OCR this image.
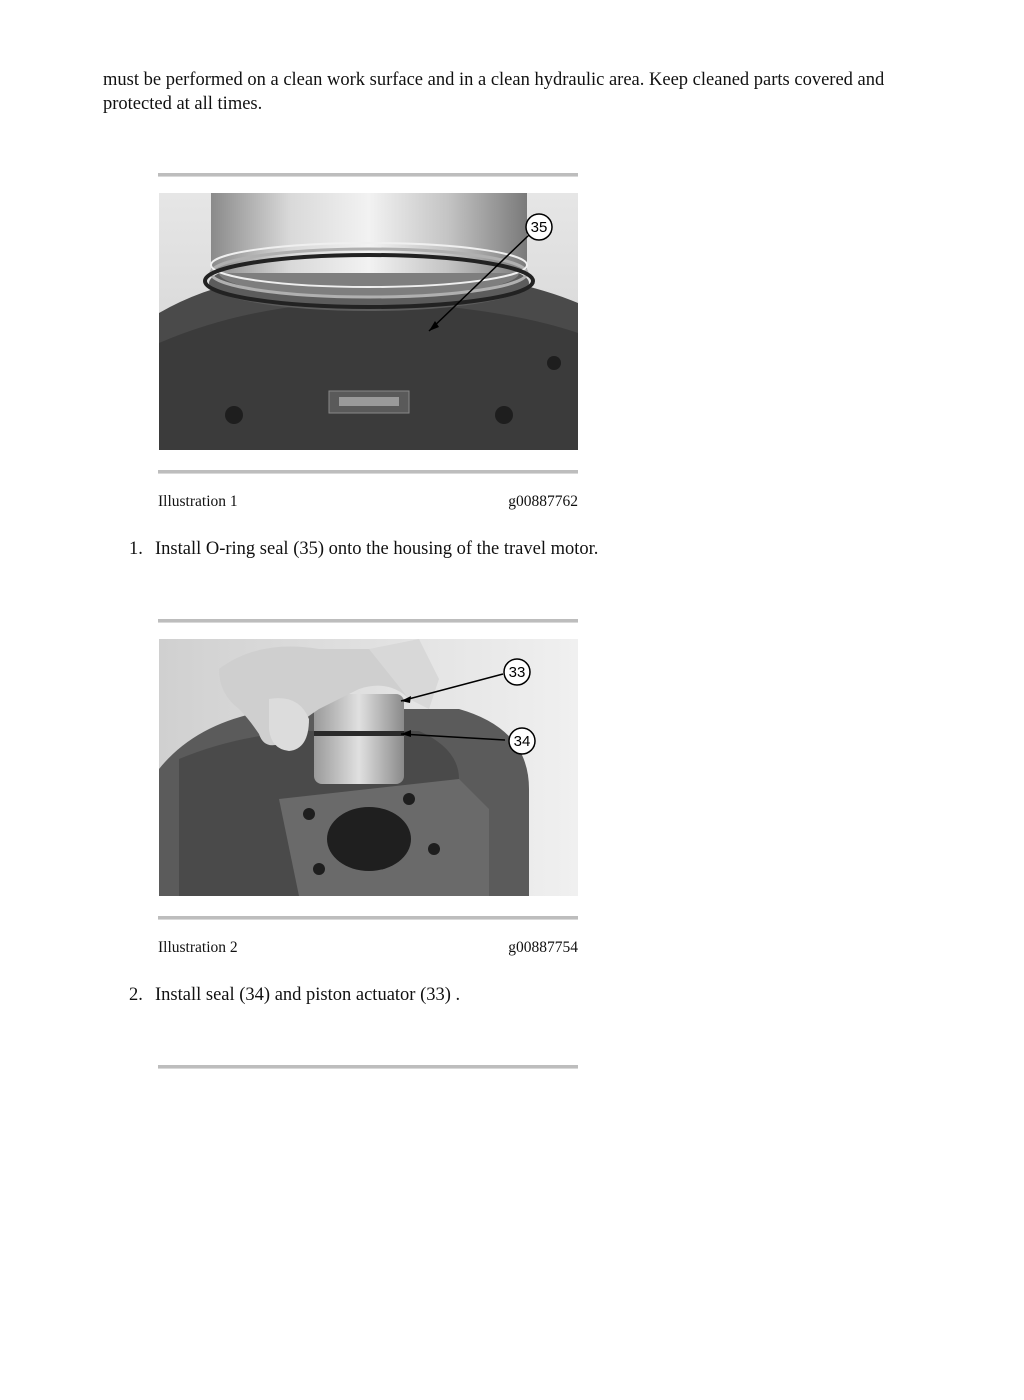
must be performed on a clean work surface and in a clean hydraulic area. Keep cleaned parts covered and protected at all times.

35
Illustration 1	g00887762

1. Install O-ring seal (35) onto the housing of the travel motor.

33
34
Illustration 2	g00887754

2. Install seal (34) and piston actuator (33) .
